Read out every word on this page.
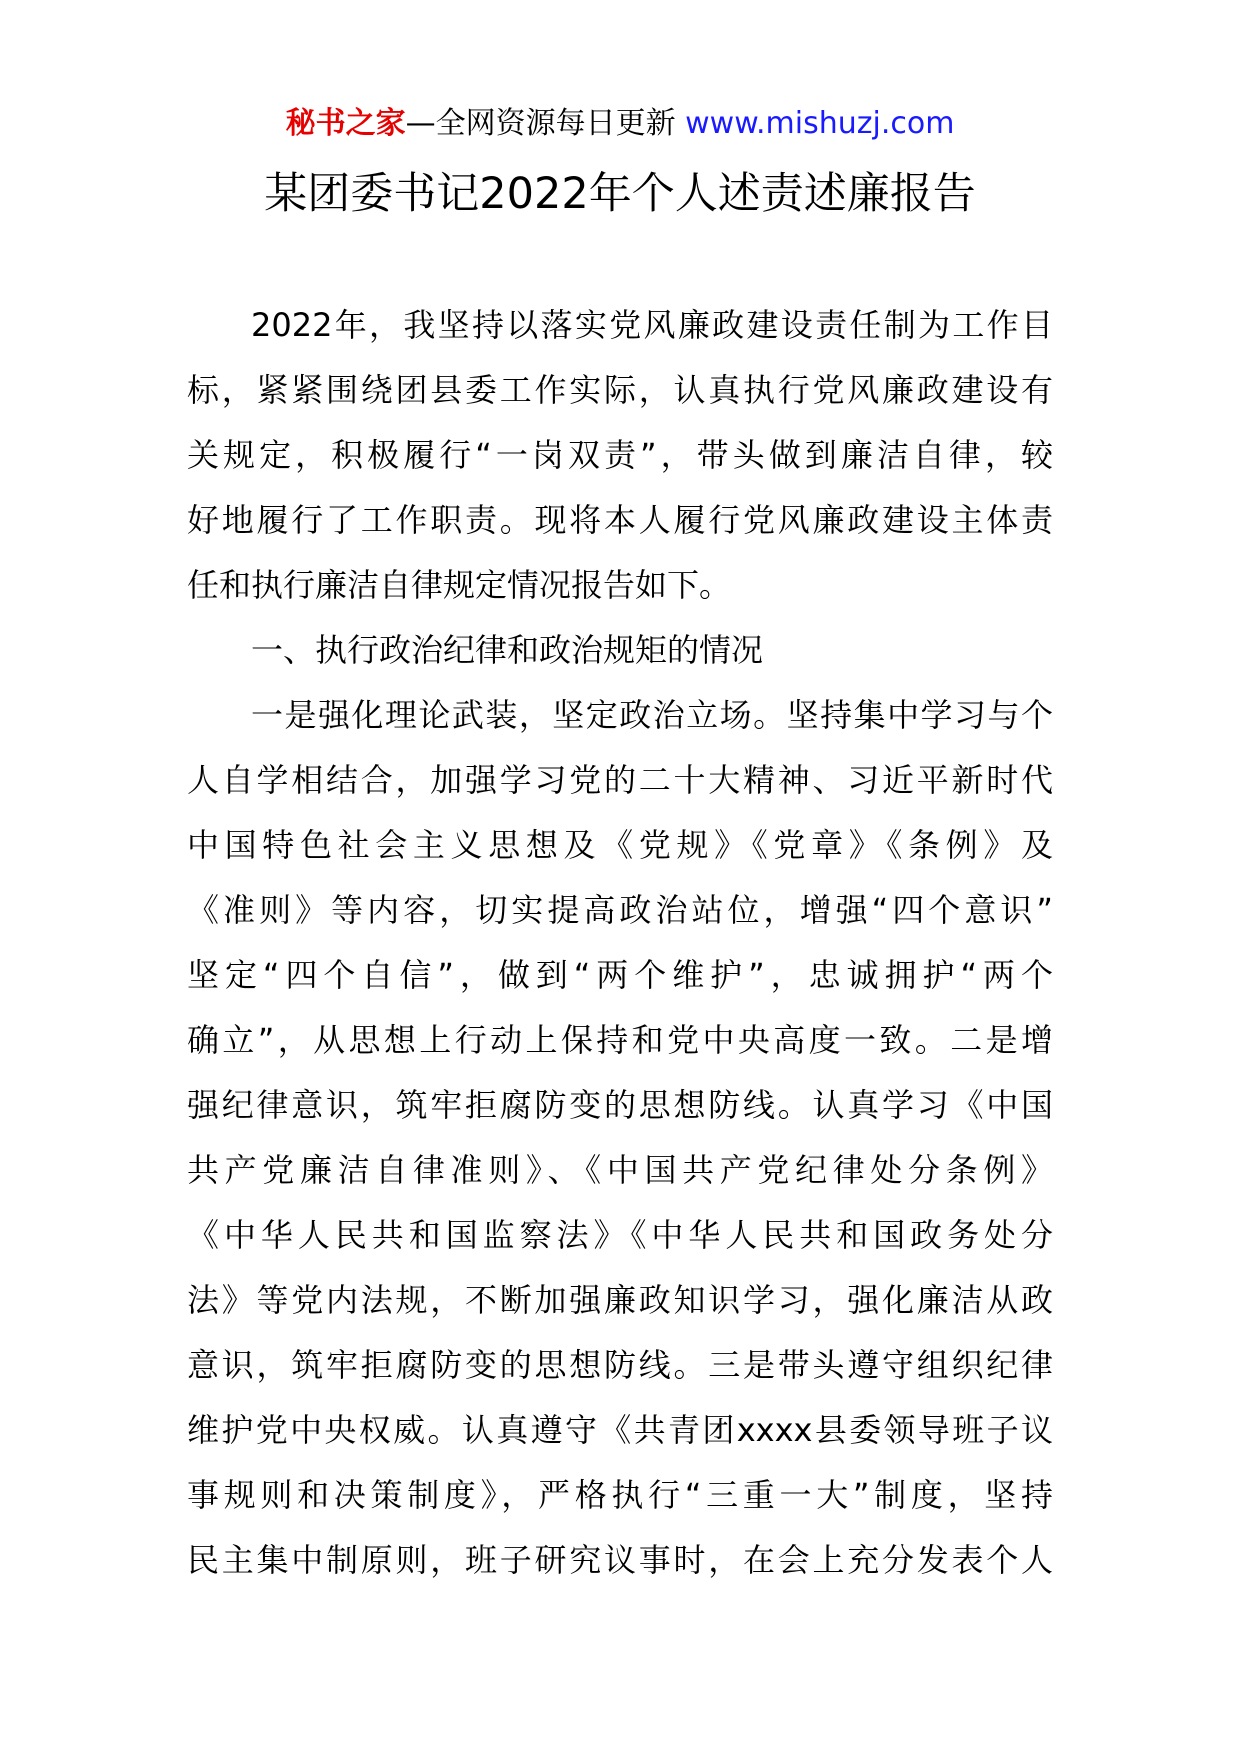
秘书之家—全网资源每日更新 www.mishuzj.com
某团委书记2022年个人述责述廉报告
2022年，我坚持以落实党风廉政建设责任制为工作目
标，紧紧围绕团县委工作实际，认真执行党风廉政建设有
关规定，积极履行“一岗双责”，带头做到廉洁自律，较
好地履行了工作职责。现将本人履行党风廉政建设主体责
任和执行廉洁自律规定情况报告如下。
一、执行政治纪律和政治规矩的情况
一是强化理论武装，坚定政治立场。坚持集中学习与个
人自学相结合，加强学习党的二十大精神、习近平新时代
中国特色社会主义思想及《党规》《党章》《条例》及
《准则》等内容，切实提高政治站位，增强“四个意识”
坚定“四个自信”，做到“两个维护”，忠诚拥护“两个
确立”，从思想上行动上保持和党中央高度一致。二是增
强纪律意识，筑牢拒腐防变的思想防线。认真学习《中国
共产党廉洁自律准则》、《中国共产党纪律处分条例》
《中华人民共和国监察法》《中华人民共和国政务处分
法》等党内法规，不断加强廉政知识学习，强化廉洁从政
意识，筑牢拒腐防变的思想防线。三是带头遵守组织纪律
维护党中央权威。认真遵守《共青团xxxx县委领导班子议
事规则和决策制度》，严格执行“三重一大”制度，坚持
民主集中制原则，班子研究议事时，在会上充分发表个人
